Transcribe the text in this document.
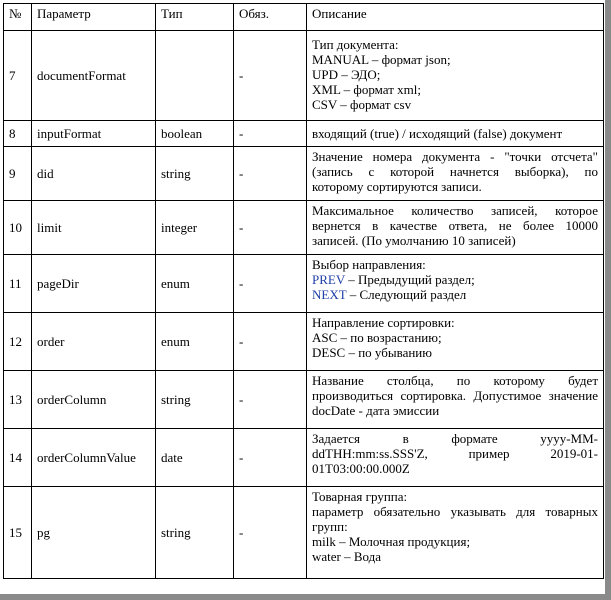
№	Параметр	Тип	Обяз.	Описание
7	documentFormat		-	Тип документа:
MANUAL – формат json;
UPD – ЭДО;
XML – формат xml;
CSV – формат csv

8	inputFormat	boolean	-	входящий (true) / исходящий (false) документ

9	did	string	-	Значение номера документа - "точки отсчета"
(запись с которой начнется выборка), по
которому сортируются записи.

10	limit	integer	-	Максимальное количество записей, которое
вернется в качестве ответа, не более 10000
записей. (По умолчанию 10 записей)

11	pageDir	enum	-	Выбор направления:
PREV – Предыдущий раздел;
NEXT – Следующий раздел

12	order	enum	-	Направление сортировки:
ASC – по возрастанию;
DESC – по убыванию

13	orderColumn	string	-	Название столбца, по которому будет
производиться сортировка. Допустимое значение
docDate - дата эмиссии

14	orderColumnValue	date	-	Задается в формате yyyy-MM-
ddTHH:mm:ss.SSS'Z, пример 2019-01-
01T03:00:00.000Z

15	pg	string	-	Товарная группа:
параметр обязательно указывать для товарных
групп:
milk – Молочная продукция;
water – Вода
